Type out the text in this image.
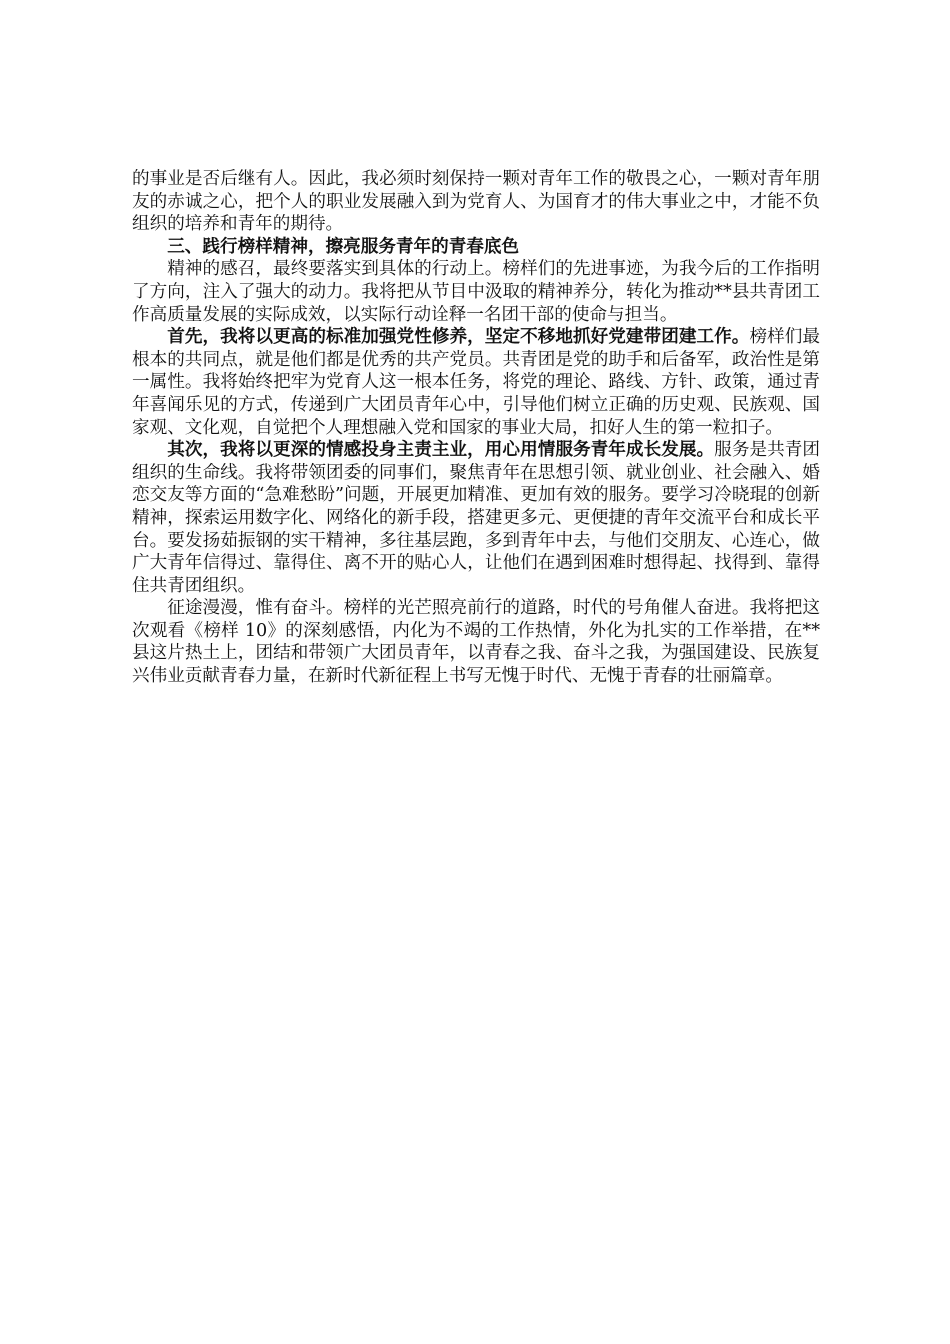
的事业是否后继有人。因此，我必须时刻保持一颗对青年工作的敬畏之心，一颗对青年朋友的赤诚之心，把个人的职业发展融入到为党育人、为国育才的伟大事业之中，才能不负组织的培养和青年的期待。

三、践行榜样精神，擦亮服务青年的青春底色

精神的感召，最终要落实到具体的行动上。榜样们的先进事迹，为我今后的工作指明了方向，注入了强大的动力。我将把从节目中汲取的精神养分，转化为推动**县共青团工作高质量发展的实际成效，以实际行动诠释一名团干部的使命与担当。

首先，我将以更高的标准加强党性修养，坚定不移地抓好党建带团建工作。榜样们最根本的共同点，就是他们都是优秀的共产党员。共青团是党的助手和后备军，政治性是第一属性。我将始终把牢为党育人这一根本任务，将党的理论、路线、方针、政策，通过青年喜闻乐见的方式，传递到广大团员青年心中，引导他们树立正确的历史观、民族观、国家观、文化观，自觉把个人理想融入党和国家的事业大局，扣好人生的第一粒扣子。

其次，我将以更深的情感投身主责主业，用心用情服务青年成长发展。服务是共青团组织的生命线。我将带领团委的同事们，聚焦青年在思想引领、就业创业、社会融入、婚恋交友等方面的“急难愁盼”问题，开展更加精准、更加有效的服务。要学习冷晓琨的创新精神，探索运用数字化、网络化的新手段，搭建更多元、更便捷的青年交流平台和成长平台。要发扬茹振钢的实干精神，多往基层跑，多到青年中去，与他们交朋友、心连心，做广大青年信得过、靠得住、离不开的贴心人，让他们在遇到困难时想得起、找得到、靠得住共青团组织。

征途漫漫，惟有奋斗。榜样的光芒照亮前行的道路，时代的号角催人奋进。我将把这次观看《榜样 10》的深刻感悟，内化为不竭的工作热情，外化为扎实的工作举措，在**县这片热土上，团结和带领广大团员青年，以青春之我、奋斗之我，为强国建设、民族复兴伟业贡献青春力量，在新时代新征程上书写无愧于时代、无愧于青春的壮丽篇章。
